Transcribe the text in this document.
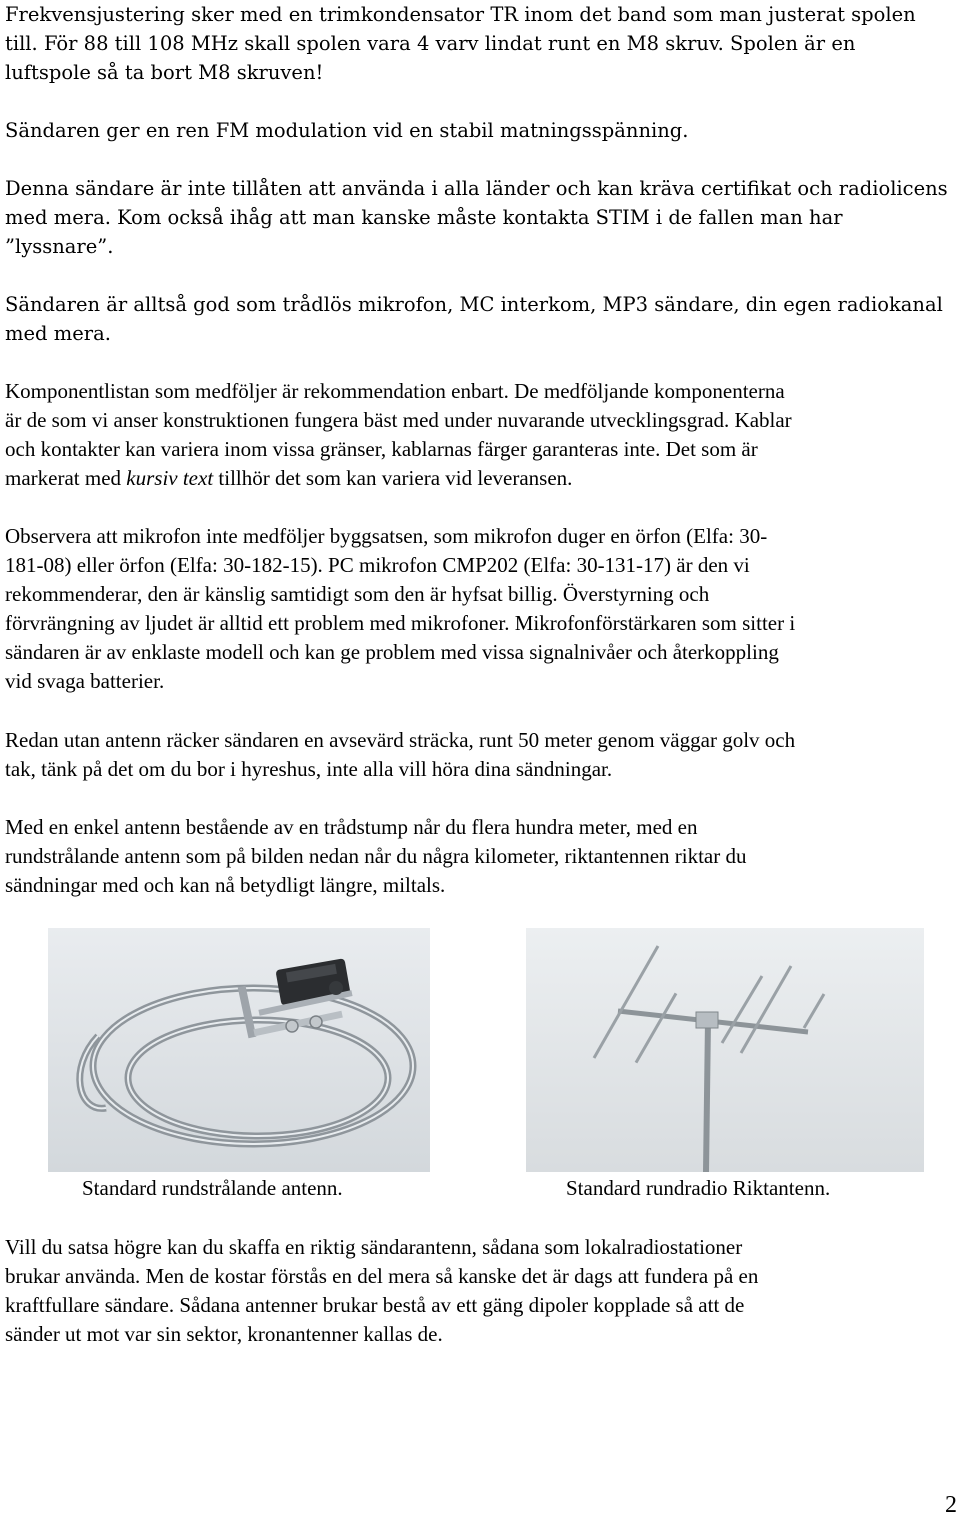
Frekvensjustering sker med en trimkondensator TR inom det band som man justerat spolen
till. För 88 till 108 MHz skall spolen vara 4 varv lindat runt en M8 skruv. Spolen är en
luftspole så ta bort M8 skruven!
Sändaren ger en ren FM modulation vid en stabil matningsspänning.
Denna sändare är inte tillåten att använda i alla länder och kan kräva certifikat och radiolicens
med mera. Kom också ihåg att man kanske måste kontakta STIM i de fallen man har
”lyssnare”.
Sändaren är alltså god som trådlös mikrofon, MC interkom, MP3 sändare, din egen radiokanal
med mera.
Komponentlistan som medföljer är rekommendation enbart. De medföljande komponenterna
är de som vi anser konstruktionen fungera bäst med under nuvarande utvecklingsgrad. Kablar
och kontakter kan variera inom vissa gränser, kablarnas färger garanteras inte. Det som är
markerat med kursiv text tillhör det som kan variera vid leveransen.
Observera att mikrofon inte medföljer byggsatsen, som mikrofon duger en örfon (Elfa: 30-
181-08) eller örfon (Elfa: 30-182-15). PC mikrofon CMP202 (Elfa: 30-131-17) är den vi
rekommenderar, den är känslig samtidigt som den är hyfsat billig. Överstyrning och
förvrängning av ljudet är alltid ett problem med mikrofoner. Mikrofonförstärkaren som sitter i
sändaren är av enklaste modell och kan ge problem med vissa signalnivåer och återkoppling
vid svaga batterier.
Redan utan antenn räcker sändaren en avsevärd sträcka, runt 50 meter genom väggar golv och
tak, tänk på det om du bor i hyreshus, inte alla vill höra dina sändningar.
Med en enkel antenn bestående av en trådstump når du flera hundra meter, med en
rundstrålande antenn som på bilden nedan når du några kilometer, riktantennen riktar du
sändningar med och kan nå betydligt längre, miltals.
Standard rundstrålande antenn.	Standard rundradio Riktantenn.
Vill du satsa högre kan du skaffa en riktig sändarantenn, sådana som lokalradiostationer
brukar använda. Men de kostar förstås en del mera så kanske det är dags att fundera på en
kraftfullare sändare. Sådana antenner brukar bestå av ett gäng dipoler kopplade så att de
sänder ut mot var sin sektor, kronantenner kallas de.
2
